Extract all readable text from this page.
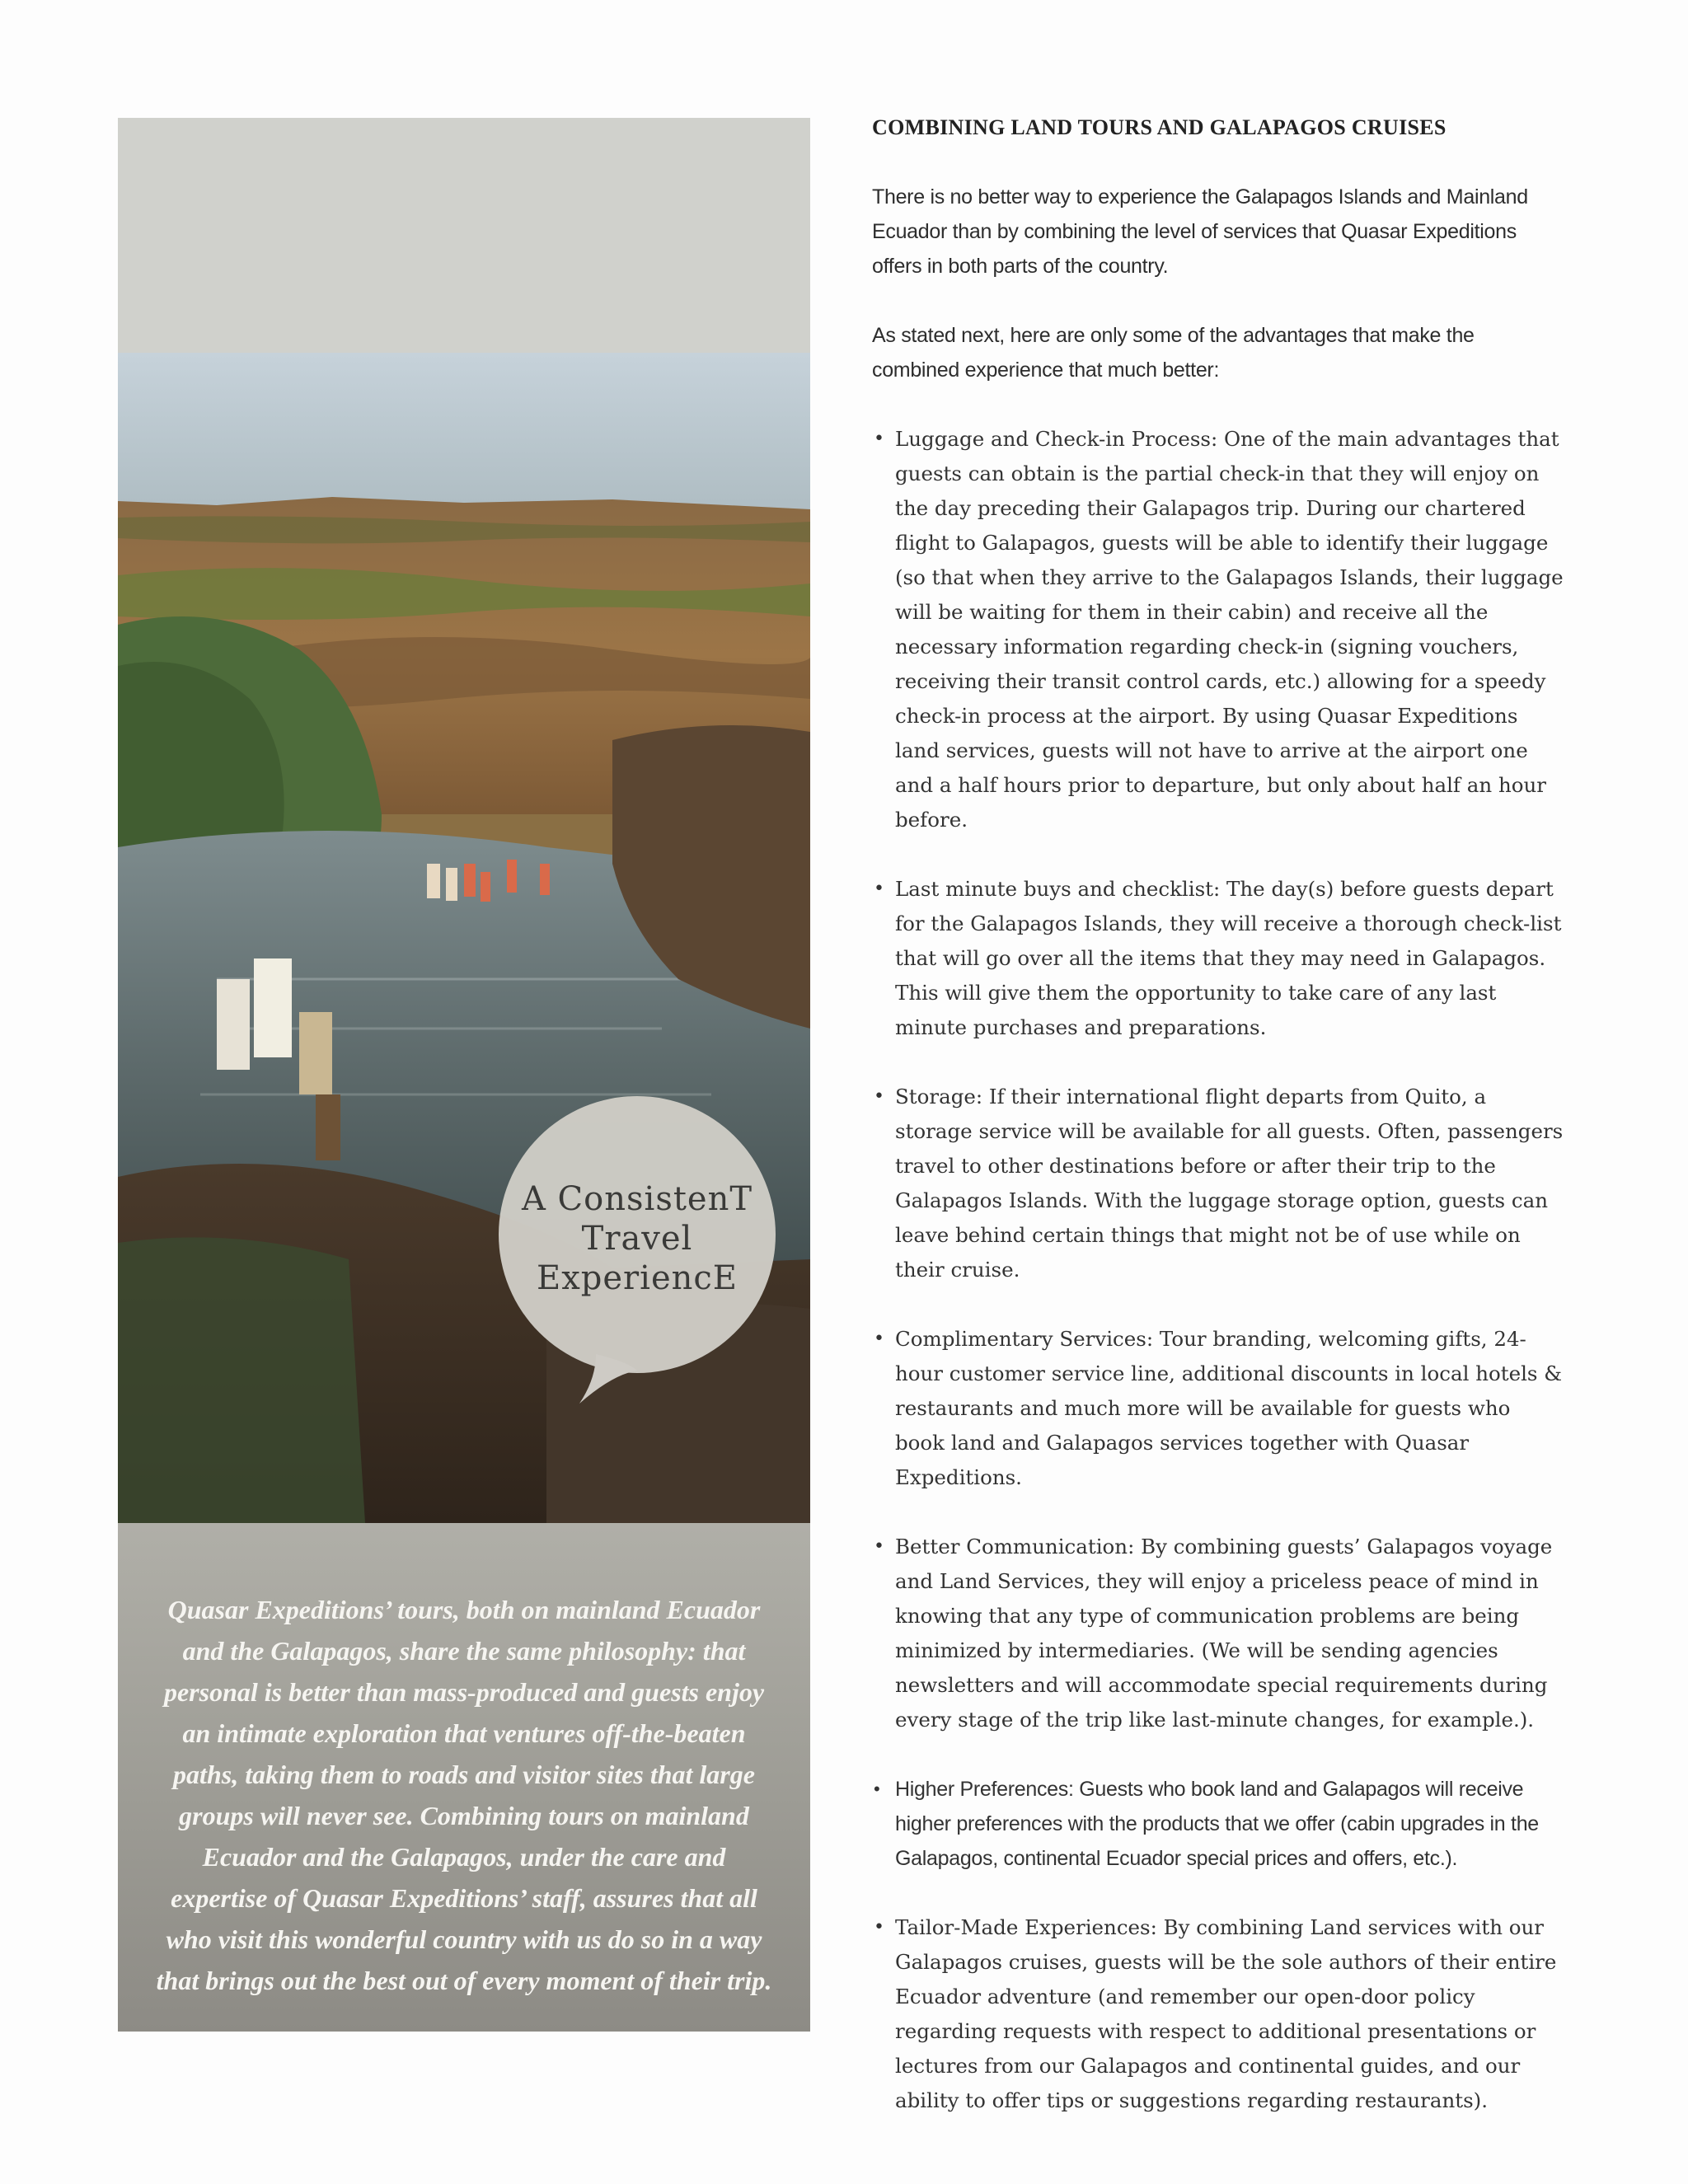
A ConsistenT
Travel
ExperiencE
Quasar Expeditions’ tours, both on mainland Ecuador and the Galapagos, share the same philosophy: that personal is better than mass-produced and guests enjoy an intimate exploration that ventures off-the-beaten paths, taking them to roads and visitor sites that large groups will never see. Combining tours on mainland Ecuador and the Galapagos, under the care and expertise of Quasar Expeditions’ staff, assures that all who visit this wonderful country with us do so in a way that brings out the best out of every moment of their trip.
COMBINING LAND TOURS AND GALAPAGOS CRUISES

There is no better way to experience the Galapagos Islands and Mainland Ecuador than by combining the level of services that Quasar Expeditions offers in both parts of the country.

As stated next, here are only some of the advantages that make the combined experience that much better:

• Luggage and Check-in Process: One of the main advantages that guests can obtain is the partial check-in that they will enjoy on the day preceding their Galapagos trip. During our chartered flight to Galapagos, guests will be able to identify their luggage (so that when they arrive to the Galapagos Islands, their luggage will be waiting for them in their cabin) and receive all the necessary information regarding check-in (signing vouchers, receiving their transit control cards, etc.) allowing for a speedy check-in process at the airport. By using Quasar Expeditions land services, guests will not have to arrive at the airport one and a half hours prior to departure, but only about half an hour before.
• Last minute buys and checklist: The day(s) before guests depart for the Galapagos Islands, they will receive a thorough check-list that will go over all the items that they may need in Galapagos. This will give them the opportunity to take care of any last minute purchases and preparations.
• Storage: If their international flight departs from Quito, a storage service will be available for all guests. Often, passengers travel to other destinations before or after their trip to the Galapagos Islands. With the luggage storage option, guests can leave behind certain things that might not be of use while on their cruise.
• Complimentary Services: Tour branding, welcoming gifts, 24-hour customer service line, additional discounts in local hotels & restaurants and much more will be available for guests who book land and Galapagos services together with Quasar Expeditions.
• Better Communication: By combining guests’ Galapagos voyage and Land Services, they will enjoy a priceless peace of mind in knowing that any type of communication problems are being minimized by intermediaries. (We will be sending agencies newsletters and will accommodate special requirements during every stage of the trip like last-minute changes, for example.).
• Higher Preferences: Guests who book land and Galapagos will receive higher preferences with the products that we offer (cabin upgrades in the Galapagos, continental Ecuador special prices and offers, etc.).
• Tailor-Made Experiences: By combining Land services with our Galapagos cruises, guests will be the sole authors of their entire Ecuador adventure (and remember our open-door policy regarding requests with respect to additional presentations or lectures from our Galapagos and continental guides, and our ability to offer tips or suggestions regarding restaurants).
